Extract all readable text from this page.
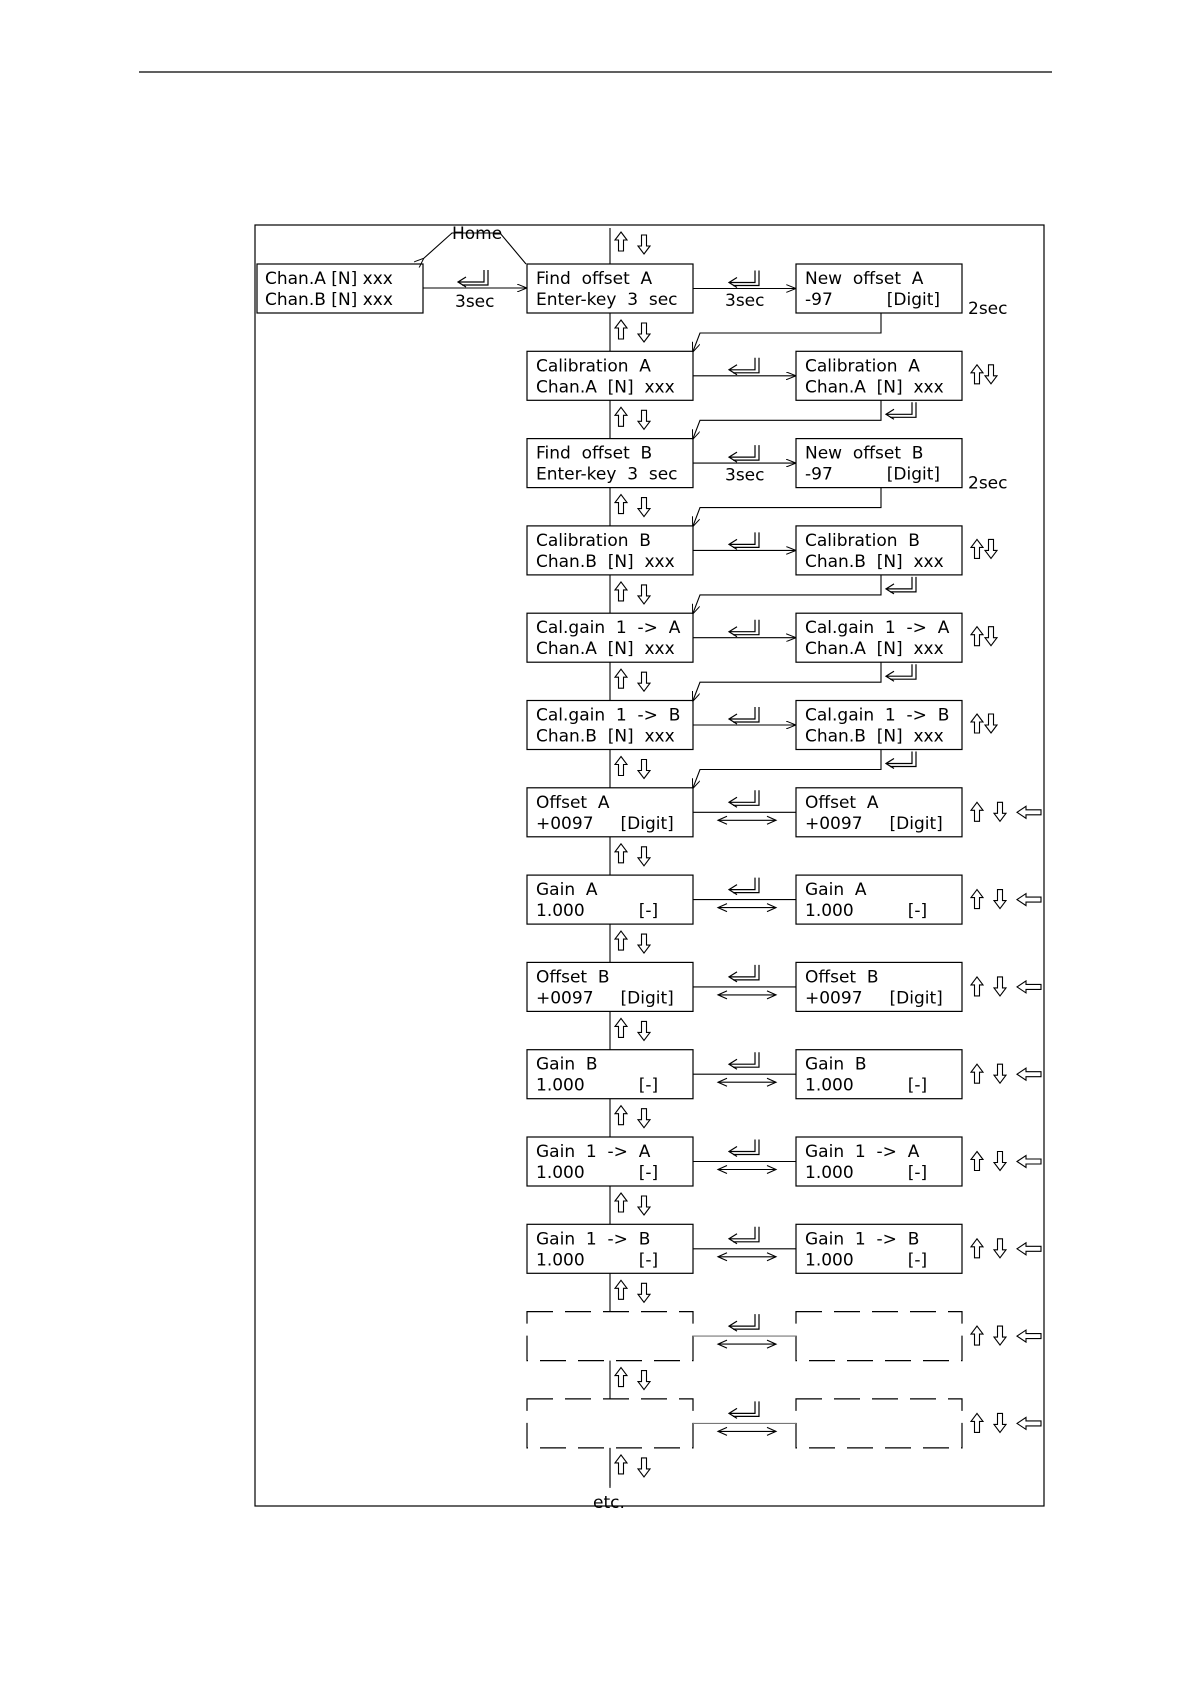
Chan.A [N] xxx
Chan.B [N] xxx
Home
3sec
Find  offset  A
Enter-key  3  sec
New  offset  A
-97          [Digit]
3sec	2sec
Calibration  A
Chan.A  [N]  xxx
Calibration  A
Chan.A  [N]  xxx
Find  offset  B
Enter-key  3  sec
New  offset  B
-97          [Digit]
3sec	2sec
Calibration  B
Chan.B  [N]  xxx
Calibration  B
Chan.B  [N]  xxx
Cal.gain  1  ->  A
Chan.A  [N]  xxx
Cal.gain  1  ->  A
Chan.A  [N]  xxx
Cal.gain  1  ->  B
Chan.B  [N]  xxx
Cal.gain  1  ->  B
Chan.B  [N]  xxx
Offset  A
+0097     [Digit]
Offset  A
+0097     [Digit]
Gain  A
1.000          [-]
Gain  A
1.000          [-]
Offset  B
+0097     [Digit]
Offset  B
+0097     [Digit]
Gain  B
1.000          [-]
Gain  B
1.000          [-]
Gain  1  ->  A
1.000          [-]
Gain  1  ->  A
1.000          [-]
Gain  1  ->  B
1.000          [-]
Gain  1  ->  B
1.000          [-]
etc.
